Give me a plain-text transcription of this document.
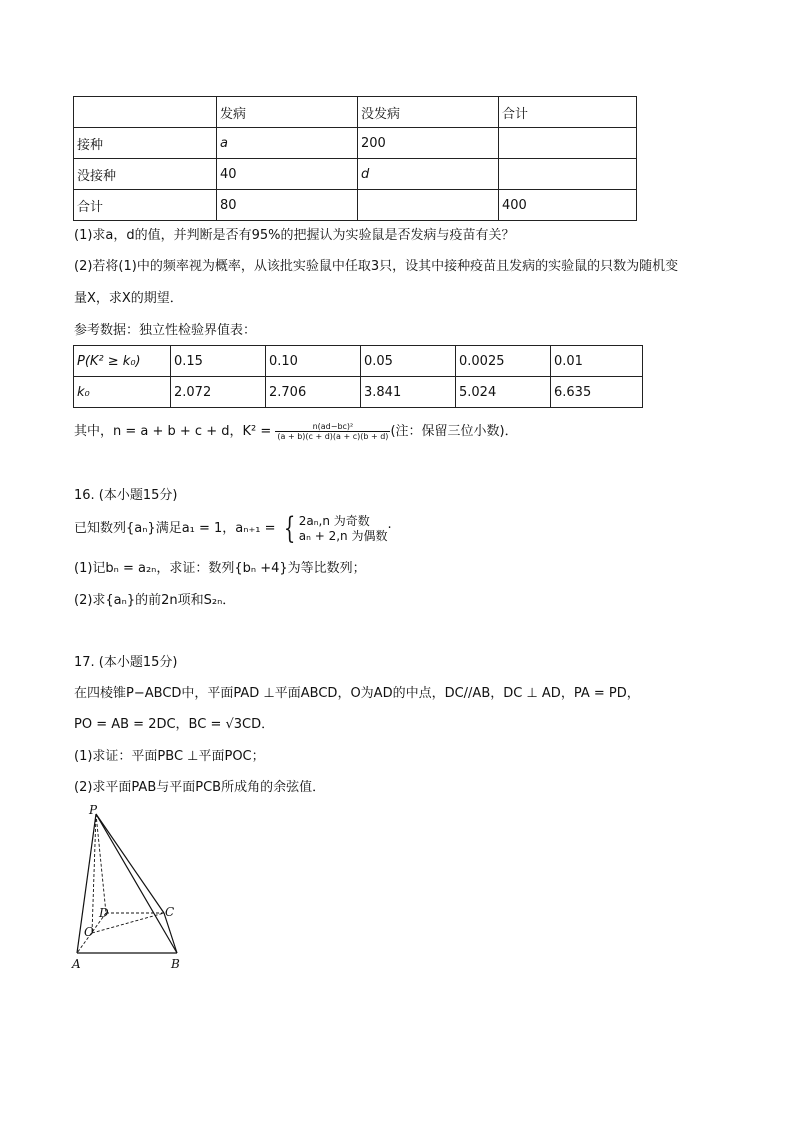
	发病	没发病	合计
接种	a	200	
没接种	40	d	
合计	80		400
(1)求a，d的值，并判断是否有95%的把握认为实验鼠是否发病与疫苗有关？
(2)若将(1)中的频率视为概率，从该批实验鼠中任取3只，设其中接种疫苗且发病的实验鼠的只数为随机变
量X，求X的期望．
参考数据：独立性检验界值表：
P(K² ≥ k₀)	0.15	0.10	0.05	0.0025	0.01
k₀	2.072	2.706	3.841	5.024	6.635
其中，n = a + b + c + d，$K^2 = \frac{\text{n(ad−bc)²}}{(a + b)(c + d)(a + c)(b + d)}$ (注：保留三位小数)．
16. (本小题15分)
已知数列{aₙ}满足a₁ = 1，aₙ₊₁ = { 2aₙ,n 为奇数
aₙ + 2,n 为偶数 ·
(1)记bₙ = a₂ₙ，求证：数列{bₙ +4}为等比数列；
(2)求{aₙ}的前2n项和S₂ₙ．
17. (本小题15分)
在四棱锥P−ABCD中，平面PAD ⊥平面ABCD，O为AD的中点，DC//AB，DC ⊥ AD，PA = PD，
PO = AB = 2DC，BC = √3CD．
(1)求证：平面PBC ⊥平面POC；
(2)求平面PAB与平面PCB所成角的余弦值．
P
D	C
O
A	B
